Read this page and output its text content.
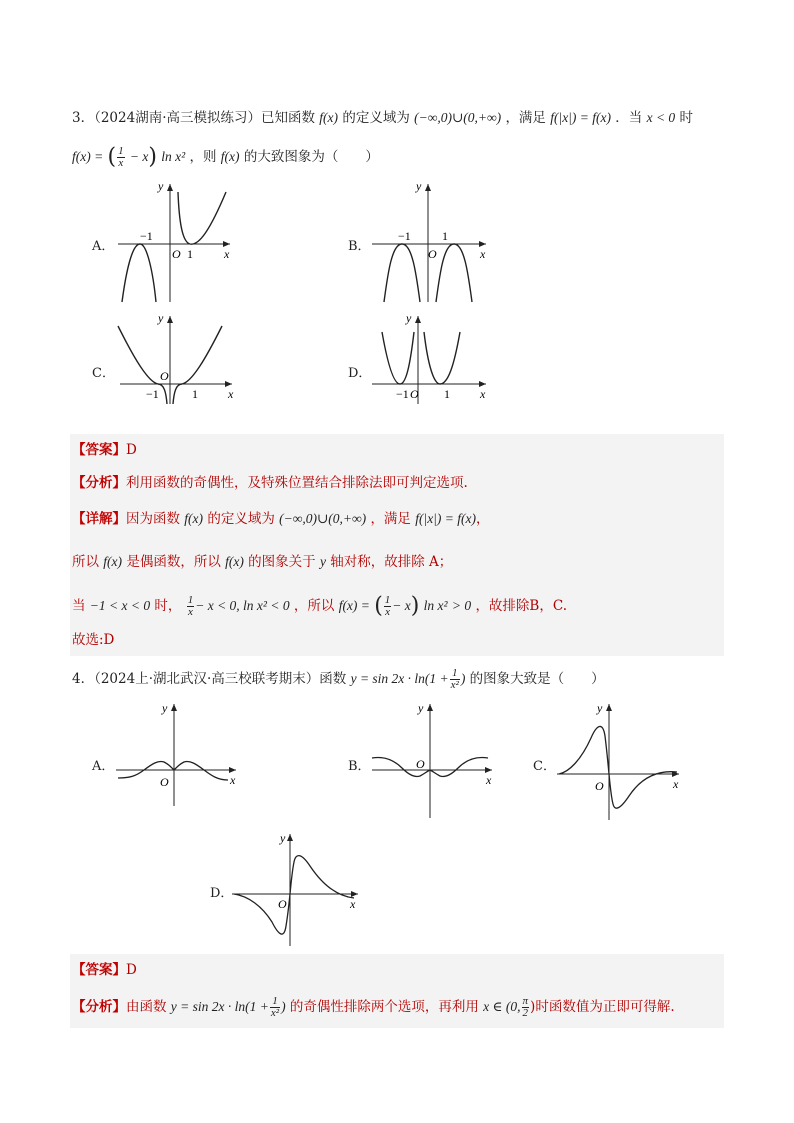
3．（2024湖南·高三模拟练习）已知函数 f(x) 的定义域为 (−∞,0)∪(0,+∞) ，满足 f(|x|) = f(x) ．当 x < 0 时
f(x) = ( $\frac{1}{x} - x$) ln x² ，则 f(x) 的大致图象为（　　）
A．
−1
O 1	x
y
B．
−1	1
O	x
y
C．	O
−1	1	x
y
D．
−1 O 1	x
y
【答案】D
【分析】利用函数的奇偶性，及特殊位置结合排除法即可判定选项.
【详解】因为函数 f(x) 的定义域为 (−∞,0)∪(0,+∞) ，满足 f(|x|) = f(x)，
所以 f(x) 是偶函数，所以 f(x) 的图象关于 y 轴对称，故排除 A；
当 −1 < x < 0 时， $\frac{1}{x} - x < 0$, ln x² < 0 ，所以 f(x) = ( $\frac{1}{x} - x$) ln x² > 0 ，故排除B，C.
故选:D
4．（2024上·湖北武汉·高三校联考期末）函数 $y = \sin 2x \cdot \ln(1 + \frac{1}{\text{x²}}$ ) 的图象大致是（　　）
A．
O	x
y
B．	O
x
y
C．
O	x
y
D．
O	x
y
【答案】D
【分析】由函数 $y = \sin 2x \cdot \ln(1 + \frac{1}{\text{x²}}$ ) 的奇偶性排除两个选项，再利用 x ∈ (0, $\frac{\pi}{2}$ )时函数值为正即可得解.
